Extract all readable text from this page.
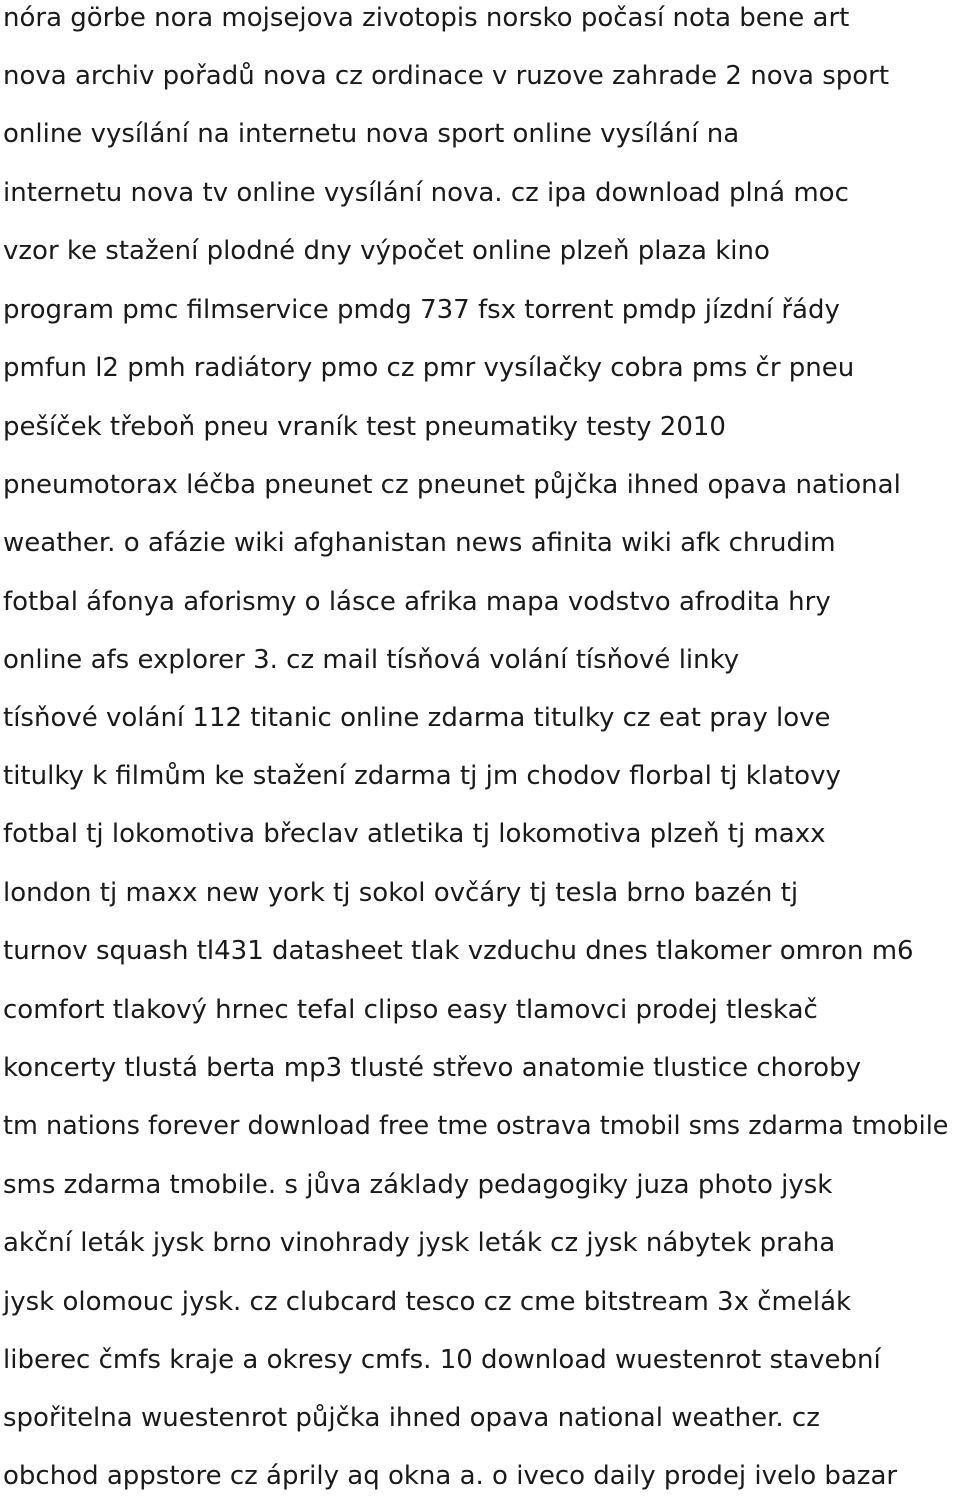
nóra görbe nora mojsejova zivotopis norsko počasí nota bene art
nova archiv pořadů nova cz ordinace v ruzove zahrade 2 nova sport
online vysílání na internetu nova sport online vysílání na
internetu nova tv online vysílání nova. cz ipa download plná moc
vzor ke stažení plodné dny výpočet online plzeň plaza kino
program pmc filmservice pmdg 737 fsx torrent pmdp jízdní řády
pmfun l2 pmh radiátory pmo cz pmr vysílačky cobra pms čr pneu
pešíček třeboň pneu vraník test pneumatiky testy 2010
pneumotorax léčba pneunet cz pneunet půjčka ihned opava national
weather. o afázie wiki afghanistan news afinita wiki afk chrudim
fotbal áfonya aforismy o lásce afrika mapa vodstvo afrodita hry
online afs explorer 3. cz mail tísňová volání tísňové linky
tísňové volání 112 titanic online zdarma titulky cz eat pray love
titulky k filmům ke stažení zdarma tj jm chodov florbal tj klatovy
fotbal tj lokomotiva břeclav atletika tj lokomotiva plzeň tj maxx
london tj maxx new york tj sokol ovčáry tj tesla brno bazén tj
turnov squash tl431 datasheet tlak vzduchu dnes tlakomer omron m6
comfort tlakový hrnec tefal clipso easy tlamovci prodej tleskač
koncerty tlustá berta mp3 tlusté střevo anatomie tlustice choroby
tm nations forever download free tme ostrava tmobil sms zdarma tmobile
sms zdarma tmobile. s jůva základy pedagogiky juza photo jysk
akční leták jysk brno vinohrady jysk leták cz jysk nábytek praha
jysk olomouc jysk. cz clubcard tesco cz cme bitstream 3x čmelák
liberec čmfs kraje a okresy cmfs. 10 download wuestenrot stavební
spořitelna wuestenrot půjčka ihned opava national weather. cz
obchod appstore cz áprily aq okna a. o iveco daily prodej ivelo bazar
